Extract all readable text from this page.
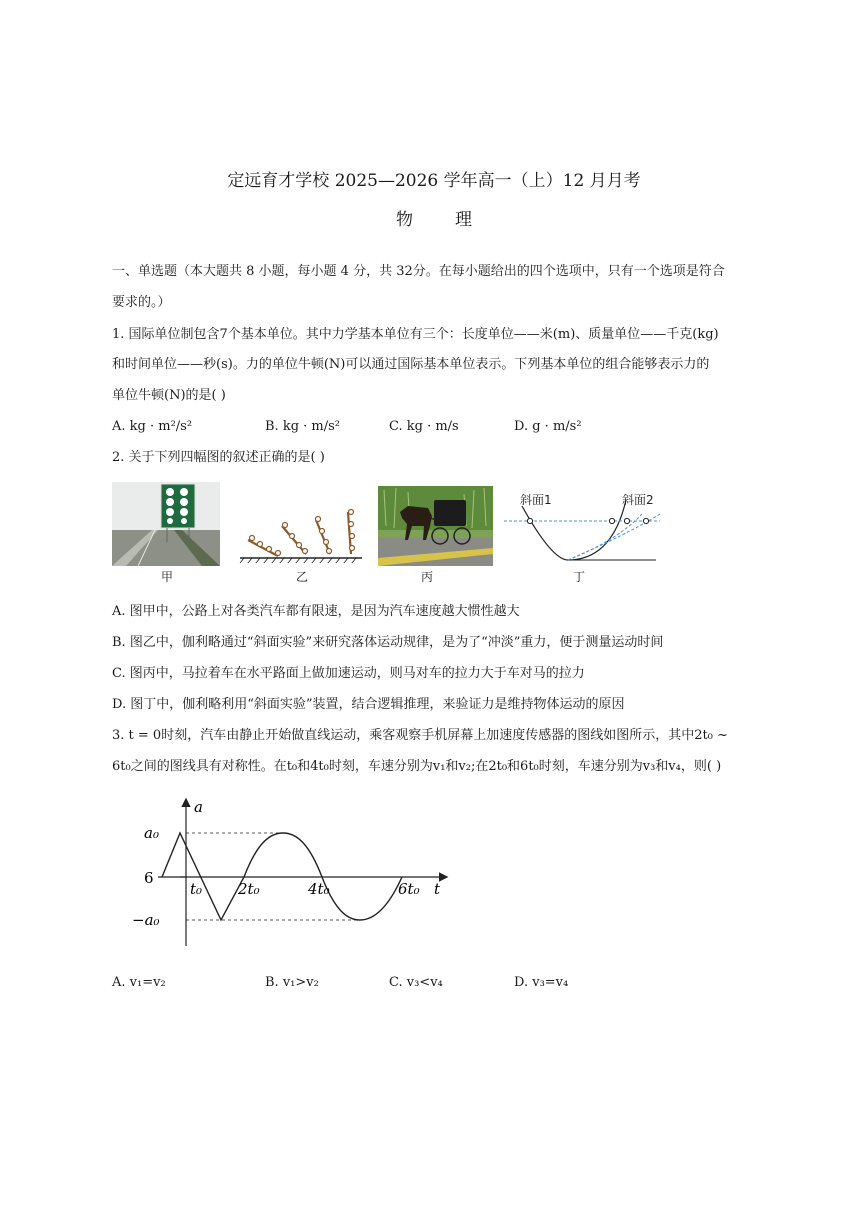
定远育才学校 2025—2026 学年高一（上）12 月月考
物 理
一、单选题（本大题共 8 小题，每小题 4 分，共 32分。在每小题给出的四个选项中，只有一个选项是符合
要求的。）
1. 国际单位制包含7个基本单位。其中力学基本单位有三个：长度单位——米(m)、质量单位——千克(kg)
和时间单位——秒(s)。力的单位牛顿(N)可以通过国际基本单位表示。下列基本单位的组合能够表示力的
单位牛顿(N)的是( )
A. kg · m²/s²	B. kg · m/s²	C. kg · m/s	D. g · m/s²
2. 关于下列四幅图的叙述正确的是( )
甲	乙	丙
斜面1	斜面2
丁
A. 图甲中，公路上对各类汽车都有限速，是因为汽车速度越大惯性越大
B. 图乙中，伽利略通过“斜面实验”来研究落体运动规律，是为了“冲淡”重力，便于测量运动时间
C. 图丙中，马拉着车在水平路面上做加速运动，则马对车的拉力大于车对马的拉力
D. 图丁中，伽利略利用“斜面实验”装置，结合逻辑推理，来验证力是维持物体运动的原因
3. t = 0时刻，汽车由静止开始做直线运动，乘客观察手机屏幕上加速度传感器的图线如图所示，其中2t₀ ~
6t₀之间的图线具有对称性。在t₀和4t₀时刻，车速分别为v₁和v₂;在2t₀和6t₀时刻，车速分别为v₃和v₄，则( )
a
t
a₀
6
−a₀
t₀ 2t₀	4t₀	6t₀
A. v₁=v₂	B. v₁>v₂	C. v₃<v₄	D. v₃=v₄
